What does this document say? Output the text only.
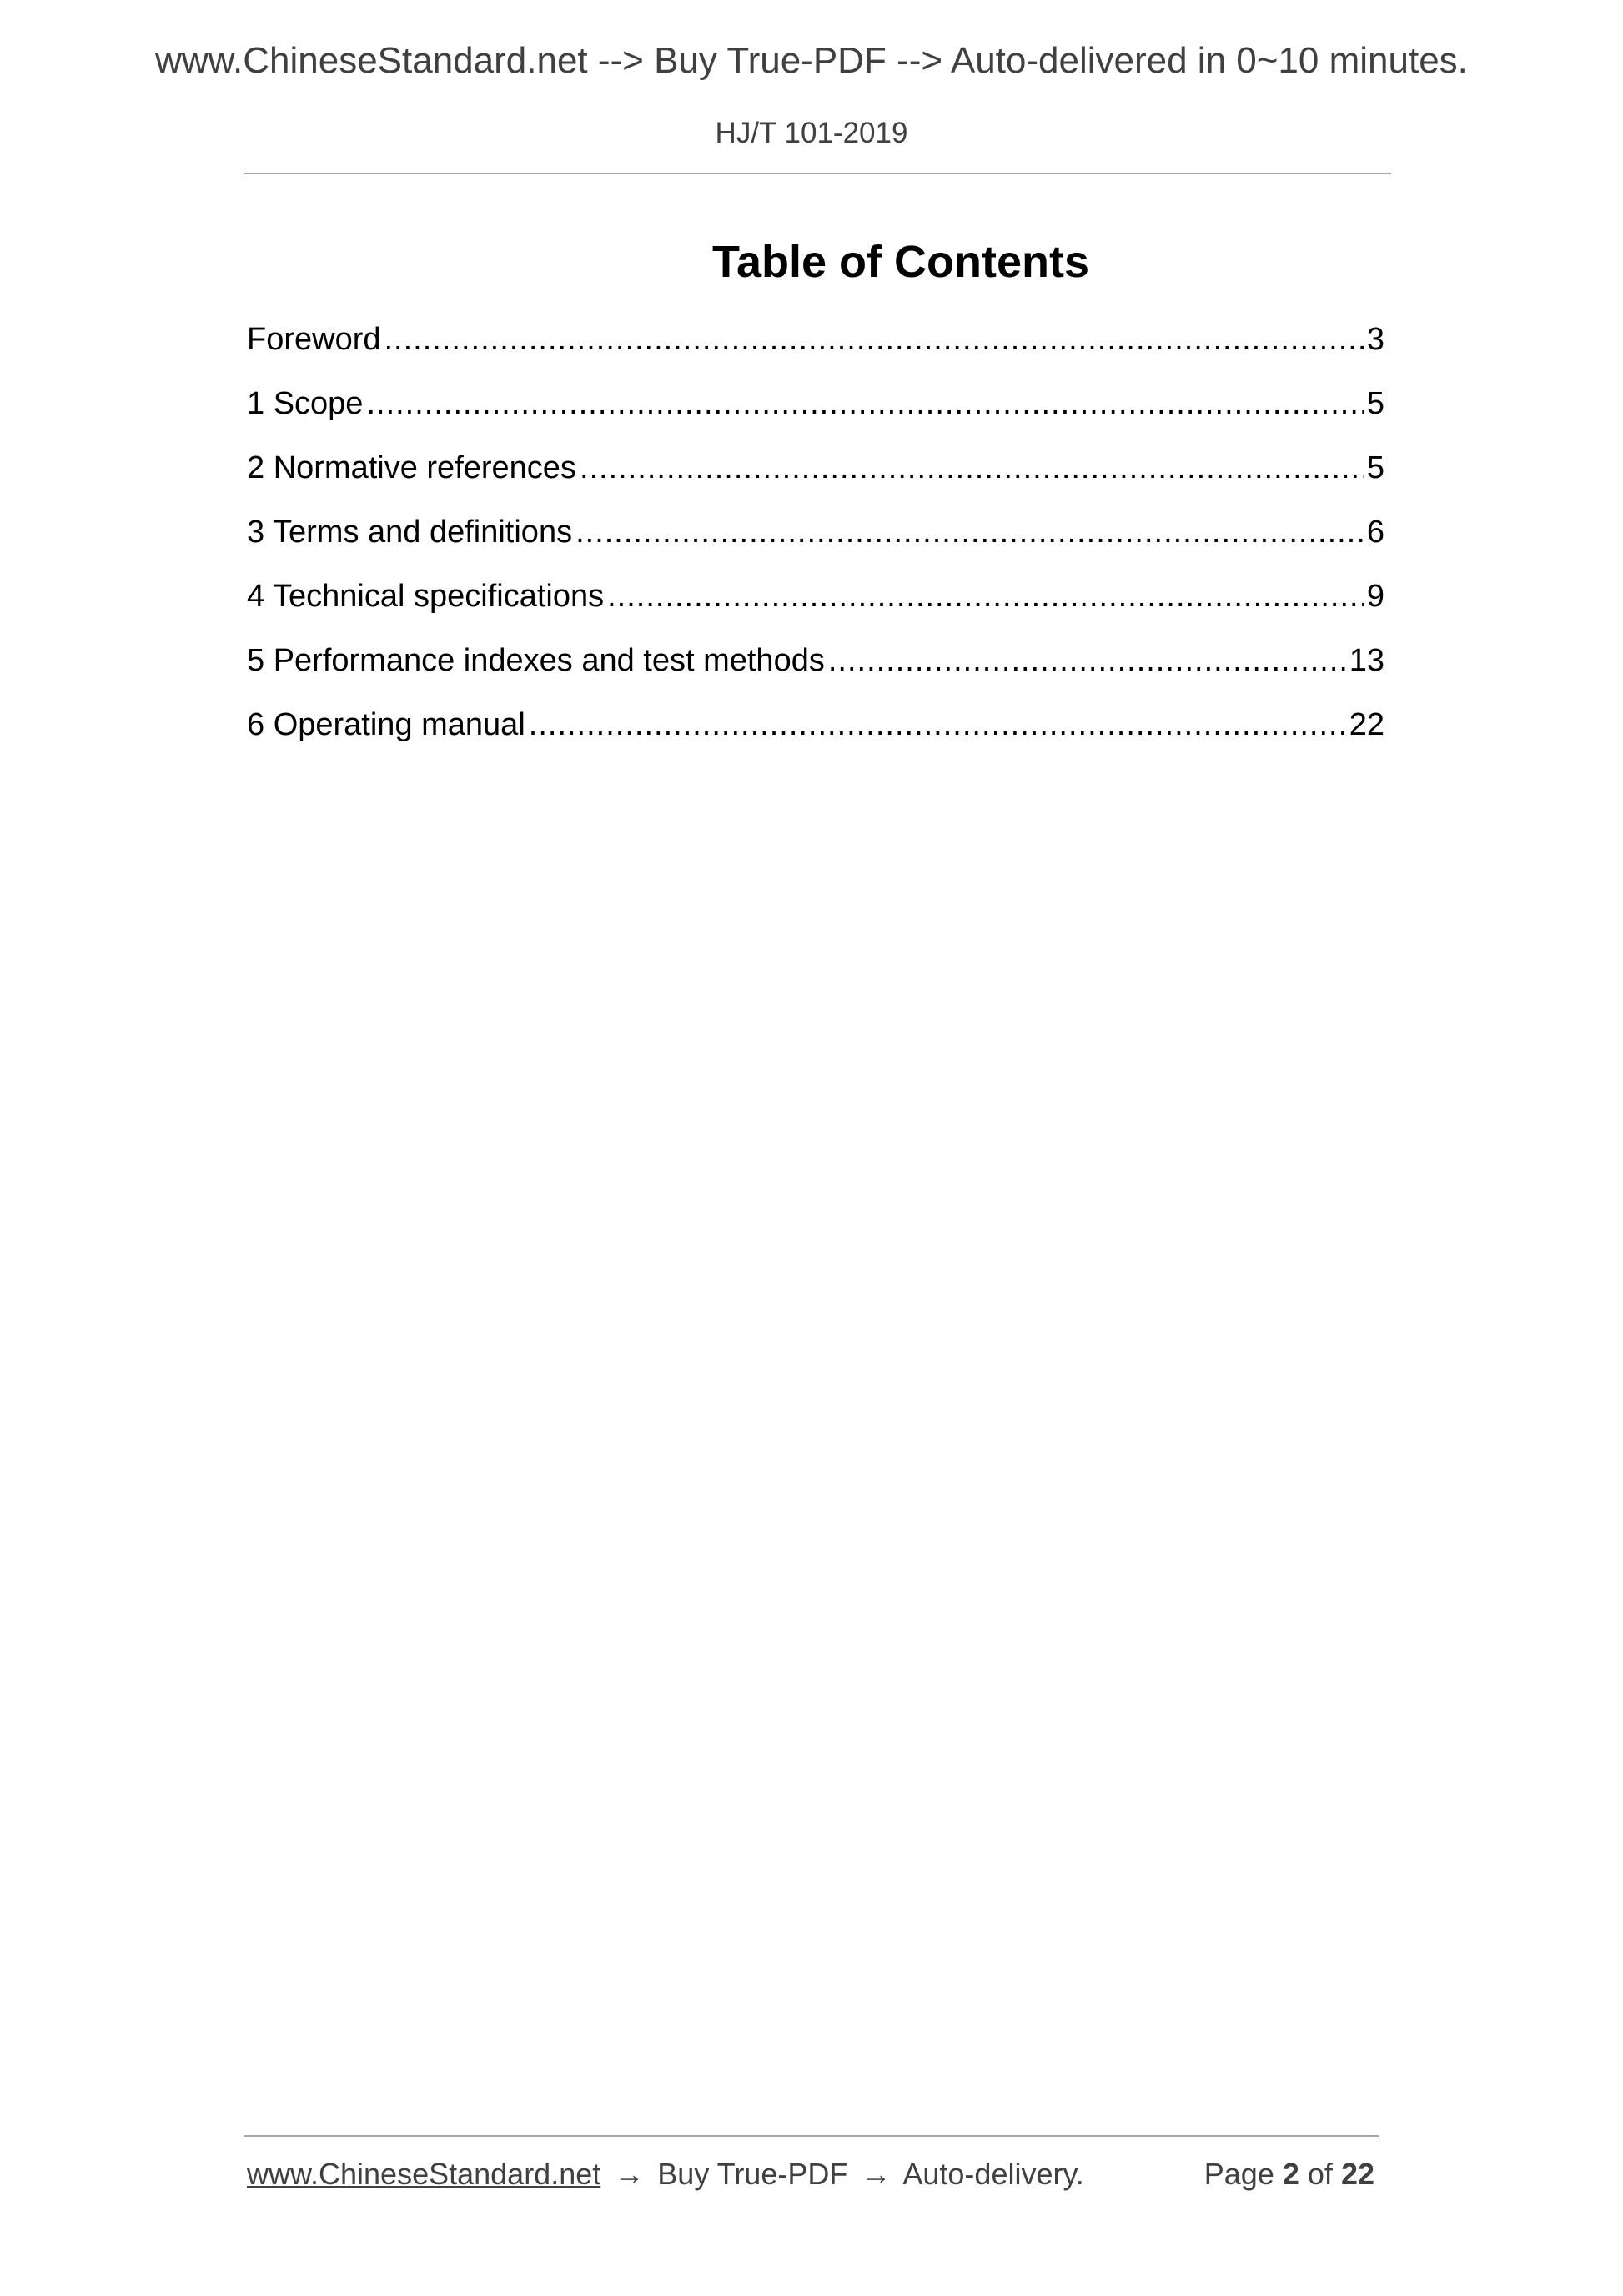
www.ChineseStandard.net --> Buy True-PDF --> Auto-delivered in 0~10 minutes.
HJ/T 101-2019
Table of Contents
Foreword .....	3
1 Scope .....	5
2 Normative references .....	5
3 Terms and definitions .....	6
4 Technical specifications .....	9
5 Performance indexes and test methods .....	13
6 Operating manual .....	22
www.ChineseStandard.net → Buy True-PDF → Auto-delivery.	Page 2 of 22
